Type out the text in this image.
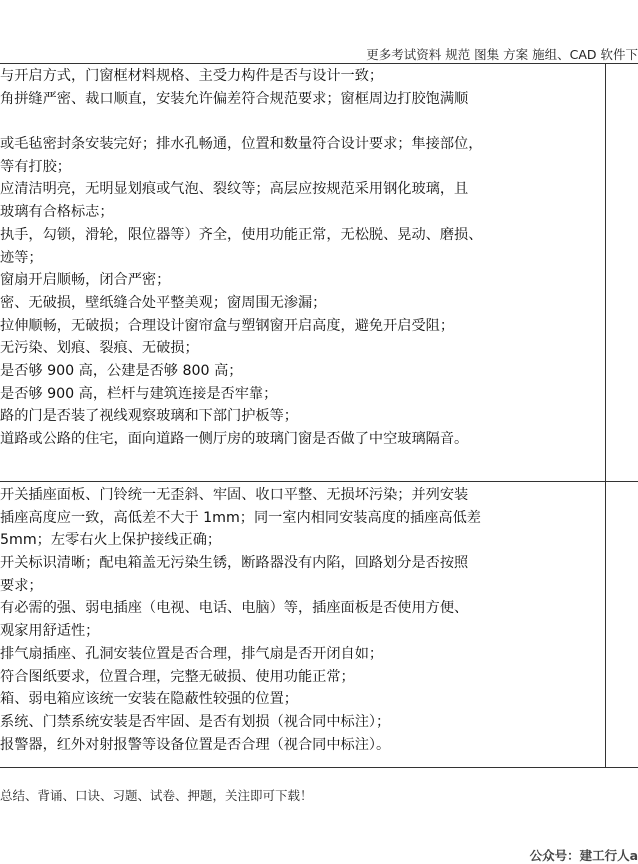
更多考试资料 规范 图集 方案 施组、CAD 软件下
与开启方式，门窗框材料规格、主受力构件是否与设计一致；
角拼缝严密、裁口顺直，安装允许偏差符合规范要求；窗框周边打胶饱满顺
或毛毡密封条安装完好；排水孔畅通，位置和数量符合设计要求；隼接部位，
等有打胶；
应清洁明亮，无明显划痕或气泡、裂纹等；高层应按规范采用钢化玻璃，且
玻璃有合格标志；
执手，勾锁，滑轮，限位器等）齐全，使用功能正常，无松脱、晃动、磨损、
迹等；
窗扇开启顺畅，闭合严密；
密、无破损，壁纸缝合处平整美观；窗周围无渗漏；
拉伸顺畅，无破损；合理设计窗帘盒与塑钢窗开启高度，避免开启受阻；
无污染、划痕、裂痕、无破损；
是否够 900 高，公建是否够 800 高；
是否够 900 高，栏杆与建筑连接是否牢靠；
路的门是否装了视线观察玻璃和下部门护板等；
道路或公路的住宅，面向道路一侧厅房的玻璃门窗是否做了中空玻璃隔音。
开关插座面板、门铃统一无歪斜、牢固、收口平整、无损坏污染；并列安装
插座高度应一致，高低差不大于 1mm；同一室内相同安装高度的插座高低差
5mm；左零右火上保护接线正确；
开关标识清晰；配电箱盖无污染生锈，断路器没有内陷，回路划分是否按照
要求；
有必需的强、弱电插座（电视、电话、电脑）等，插座面板是否使用方便、
观家用舒适性；
排气扇插座、孔洞安装位置是否合理，排气扇是否开闭自如；
符合图纸要求，位置合理，完整无破损、使用功能正常；
箱、弱电箱应该统一安装在隐蔽性较强的位置；
系统、门禁系统安装是否牢固、是否有划损（视合同中标注）；
报警器，红外对射报警等设备位置是否合理（视合同中标注）。
总结、背诵、口诀、习题、试卷、押题，关注即可下载！
公众号：建工行人a
